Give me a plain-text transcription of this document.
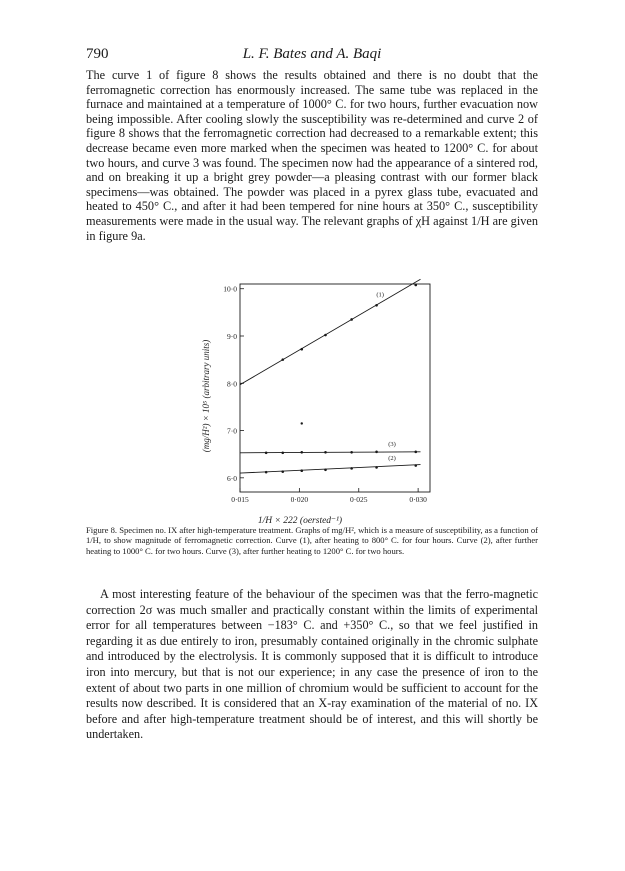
790	L. F. Bates and A. Baqi

The curve 1 of figure 8 shows the results obtained and there is no doubt that the ferromagnetic correction has enormously increased. The same tube was replaced in the furnace and maintained at a temperature of 1000° C. for two hours, further evacuation now being impossible. After cooling slowly the susceptibility was re-determined and curve 2 of figure 8 shows that the ferromagnetic correction had decreased to a remarkable extent; this decrease became even more marked when the specimen was heated to 1200° C. for about two hours, and curve 3 was found. The specimen now had the appearance of a sintered rod, and on breaking it up a bright grey powder—a pleasing contrast with our former black specimens—was obtained. The powder was placed in a pyrex glass tube, evacuated and heated to 450° C., and after it had been tempered for nine hours at 350° C., susceptibility measurements were made in the usual way. The relevant graphs of χH against 1/H are given in figure 9a.

(1)
(2)
(3)
6·0
7·0
8·0
9·0
10·0
0·015	0·020	0·025	0·030
1/H × 222 (oersted⁻¹)
(mg/H²) × 10⁵ (arbitrary units)

Figure 8. Specimen no. IX after high-temperature treatment. Graphs of mg/H², which is a measure of susceptibility, as a function of 1/H, to show magnitude of ferromagnetic correction. Curve (1), after heating to 800° C. for four hours. Curve (2), after further heating to 1000° C. for two hours. Curve (3), after further heating to 1200° C. for two hours.

A most interesting feature of the behaviour of the specimen was that the ferro-magnetic correction 2σ was much smaller and practically constant within the limits of experimental error for all temperatures between −183° C. and +350° C., so that we feel justified in regarding it as due entirely to iron, presumably contained originally in the chromic sulphate and introduced by the electrolysis. It is commonly supposed that it is difficult to introduce iron into mercury, but that is not our experience; in any case the presence of iron to the extent of about two parts in one million of chromium would be sufficient to account for the results now described. It is considered that an X-ray examination of the material of no. IX before and after high-temperature treatment should be of interest, and this will shortly be undertaken.
